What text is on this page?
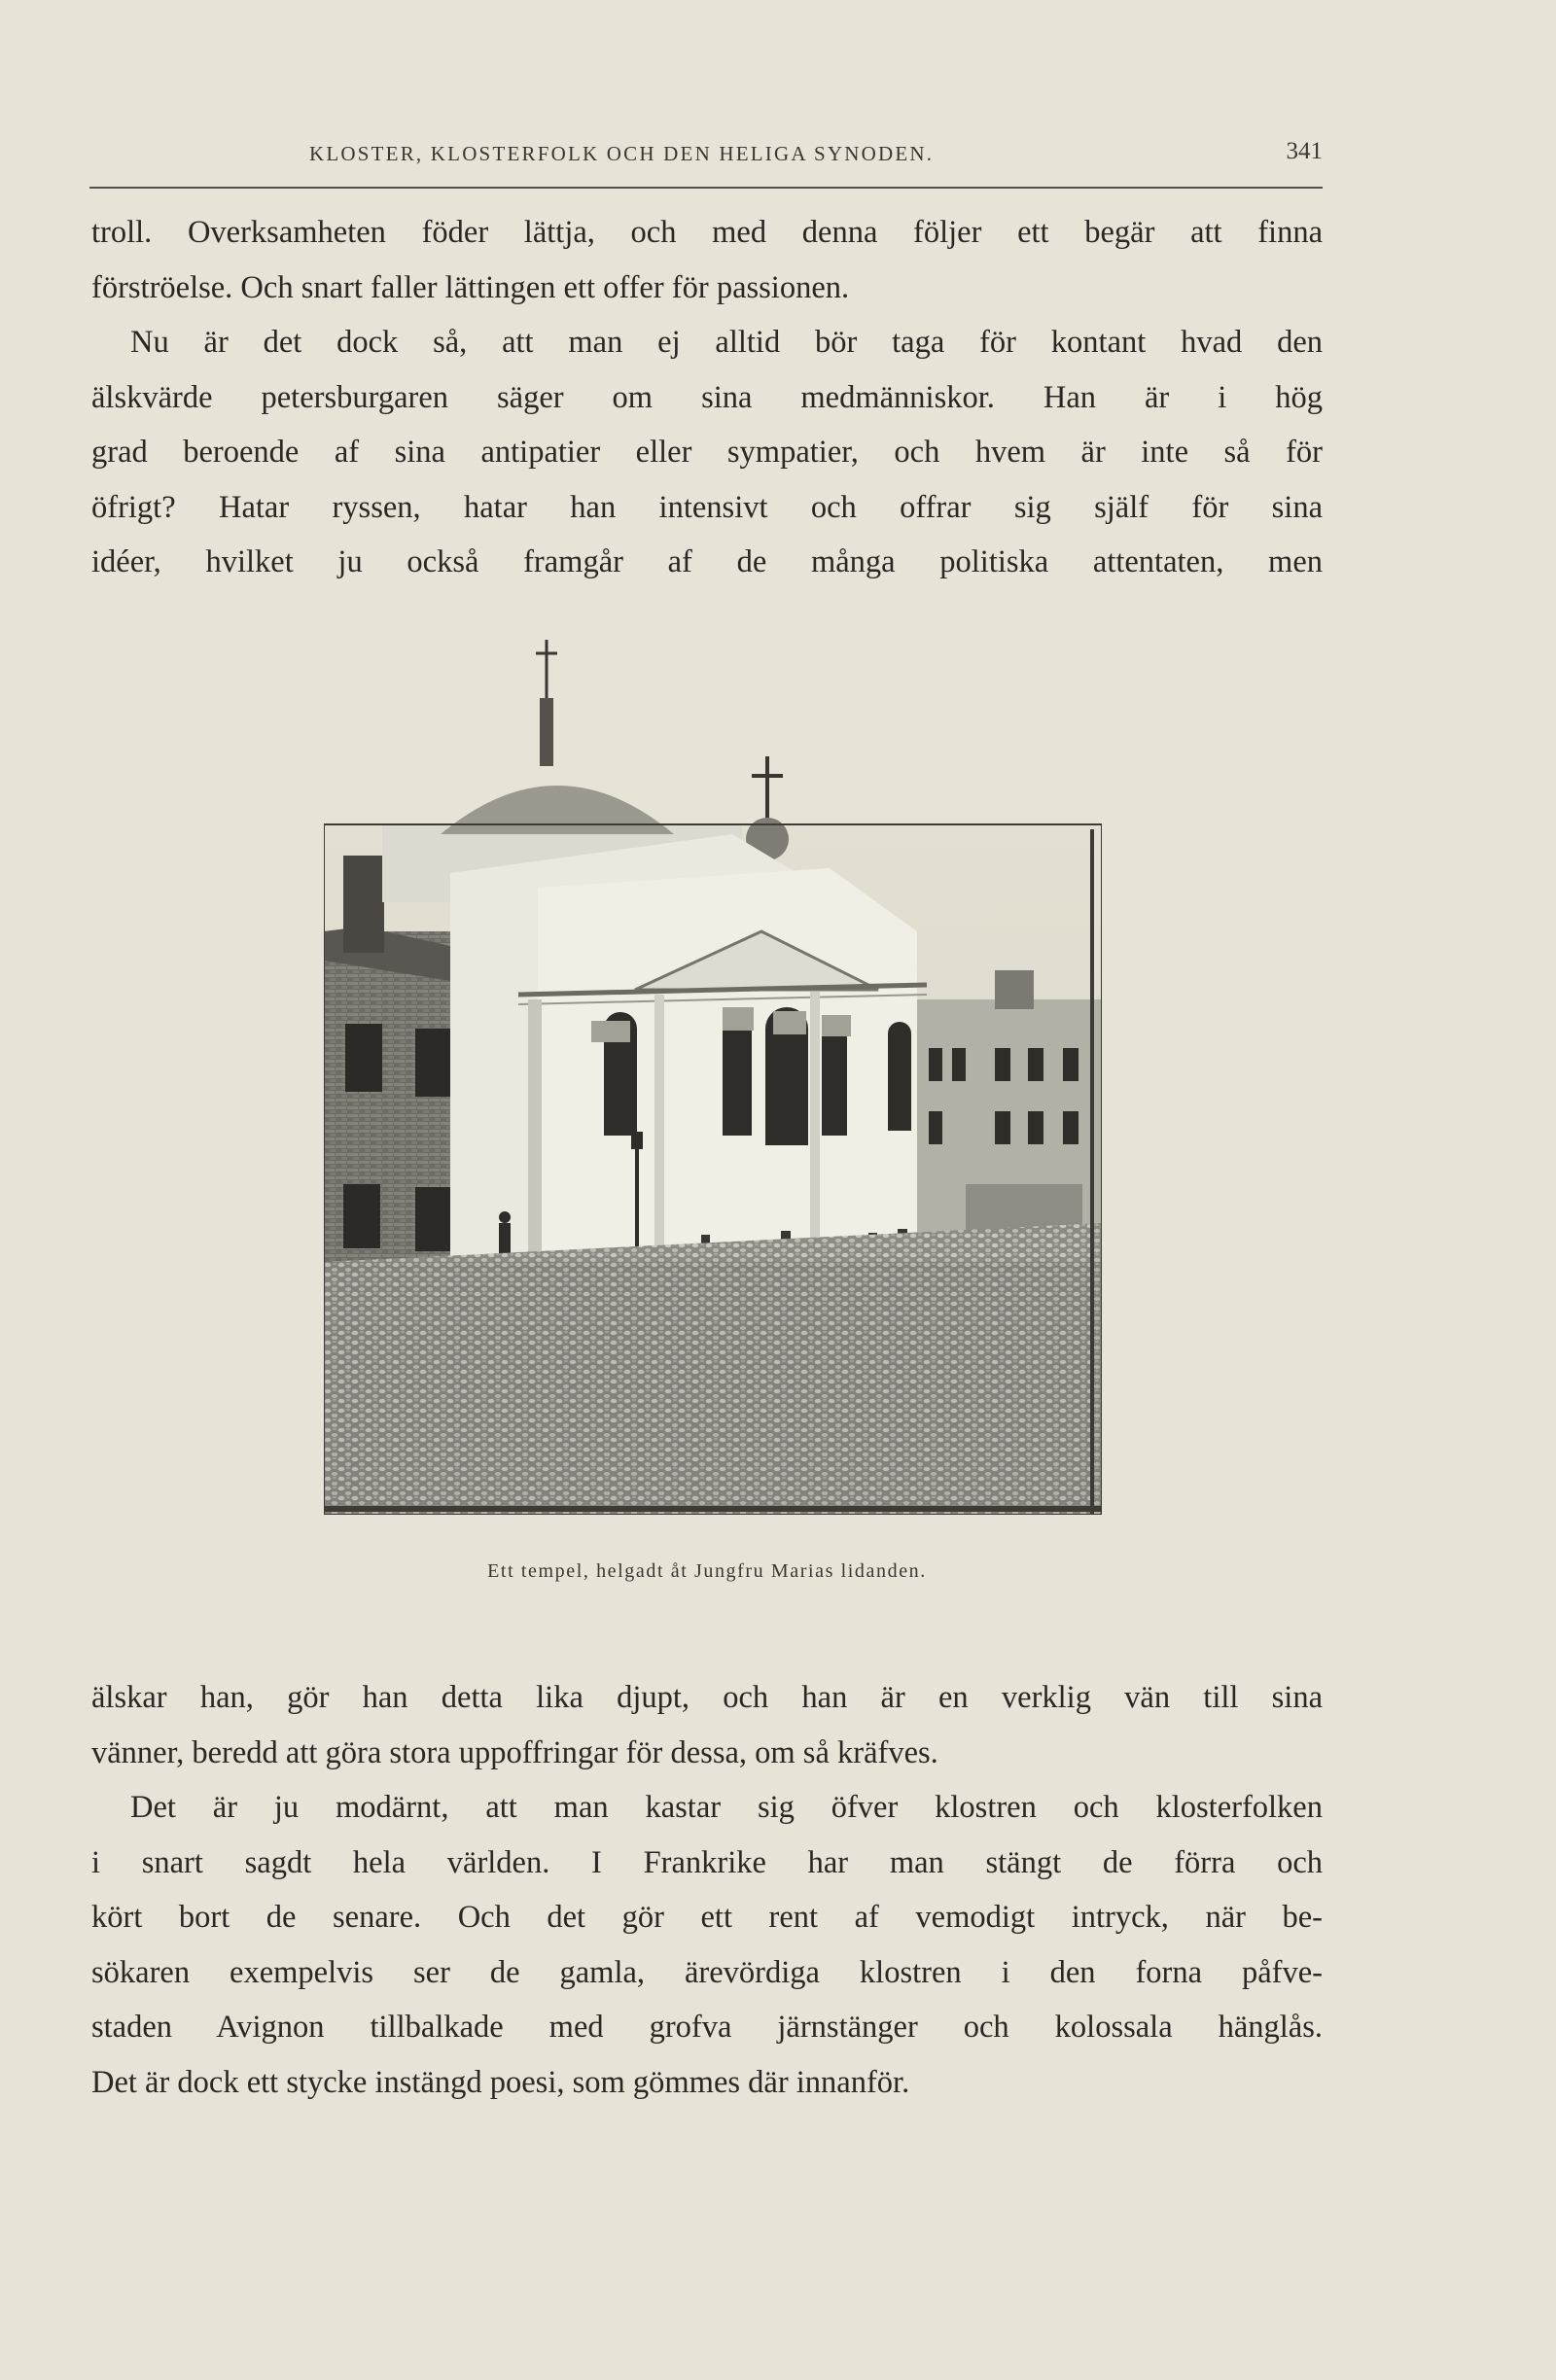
KLOSTER, KLOSTERFOLK OCH DEN HELIGA SYNODEN.	341

troll. Overksamheten föder lättja, och med denna följer ett begär att finna

förströelse. Och snart faller lättingen ett offer för passionen.

Nu är det dock så, att man ej alltid bör taga för kontant hvad den

älskvärde petersburgaren säger om sina medmänniskor. Han är i hög

grad beroende af sina antipatier eller sympatier, och hvem är inte så för

öfrigt? Hatar ryssen, hatar han intensivt och offrar sig själf för sina

idéer, hvilket ju också framgår af de många politiska attentaten, men

Ett tempel, helgadt åt Jungfru Marias lidanden.

älskar han, gör han detta lika djupt, och han är en verklig vän till sina

vänner, beredd att göra stora uppoffringar för dessa, om så kräfves.

Det är ju modärnt, att man kastar sig öfver klostren och klosterfolken

i snart sagdt hela världen. I Frankrike har man stängt de förra och

kört bort de senare. Och det gör ett rent af vemodigt intryck, när be-

sökaren exempelvis ser de gamla, ärevördiga klostren i den forna påfve-

staden Avignon tillbalkade med grofva järnstänger och kolossala hänglås.

Det är dock ett stycke instängd poesi, som gömmes där innanför.
